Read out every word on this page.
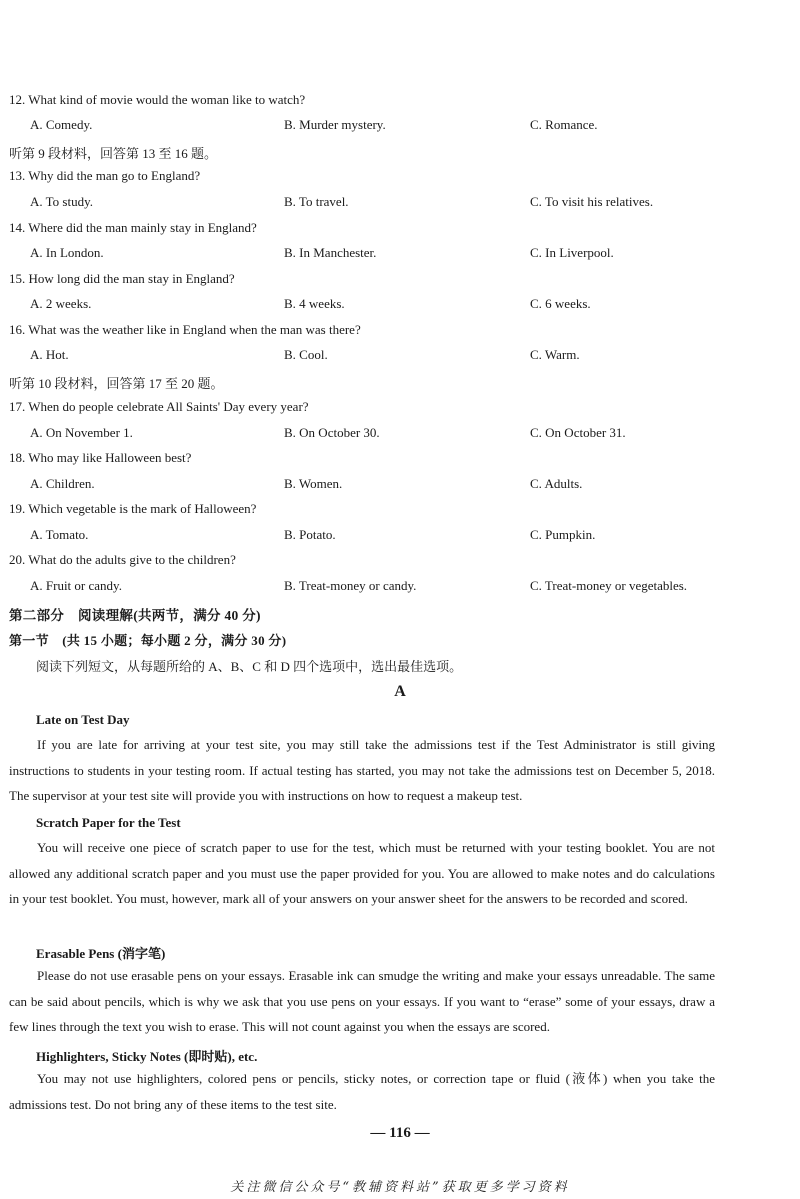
12. What kind of movie would the woman like to watch?
A. Comedy.	B. Murder mystery.	C. Romance.
听第 9 段材料，回答第 13 至 16 题。
13. Why did the man go to England?
A. To study.	B. To travel.	C. To visit his relatives.
14. Where did the man mainly stay in England?
A. In London.	B. In Manchester.	C. In Liverpool.
15. How long did the man stay in England?
A. 2 weeks.	B. 4 weeks.	C. 6 weeks.
16. What was the weather like in England when the man was there?
A. Hot.	B. Cool.	C. Warm.
听第 10 段材料，回答第 17 至 20 题。
17. When do people celebrate All Saints' Day every year?
A. On November 1.	B. On October 30.	C. On October 31.
18. Who may like Halloween best?
A. Children.	B. Women.	C. Adults.
19. Which vegetable is the mark of Halloween?
A. Tomato.	B. Potato.	C. Pumpkin.
20. What do the adults give to the children?
A. Fruit or candy.	B. Treat-money or candy.	C. Treat-money or vegetables.
第二部分　阅读理解(共两节，满分 40 分)
第一节　(共 15 小题；每小题 2 分，满分 30 分)
阅读下列短文，从每题所给的 A、B、C 和 D 四个选项中，选出最佳选项。
A
Late on Test Day

If you are late for arriving at your test site, you may still take the admissions test if the Test Administrator is still giving instructions to students in your testing room. If actual testing has started, you may not take the admissions test on December 5, 2018. The supervisor at your test site will provide you with instructions on how to request a makeup test.

Scratch Paper for the Test

You will receive one piece of scratch paper to use for the test, which must be returned with your testing booklet. You are not allowed any additional scratch paper and you must use the paper provided for you. You are allowed to make notes and do calculations in your test booklet. You must, however, mark all of your answers on your answer sheet for the answers to be recorded and scored.

Erasable Pens (消字笔)

Please do not use erasable pens on your essays. Erasable ink can smudge the writing and make your essays unreadable. The same can be said about pencils, which is why we ask that you use pens on your essays. If you want to “erase” some of your essays, draw a few lines through the text you wish to erase. This will not count against you when the essays are scored.

Highlighters, Sticky Notes (即时贴), etc.

You may not use highlighters, colored pens or pencils, sticky notes, or correction tape or fluid (液体) when you take the admissions test. Do not bring any of these items to the test site.

— 116 —
关注微信公众号“教辅资料站”获取更多学习资料
